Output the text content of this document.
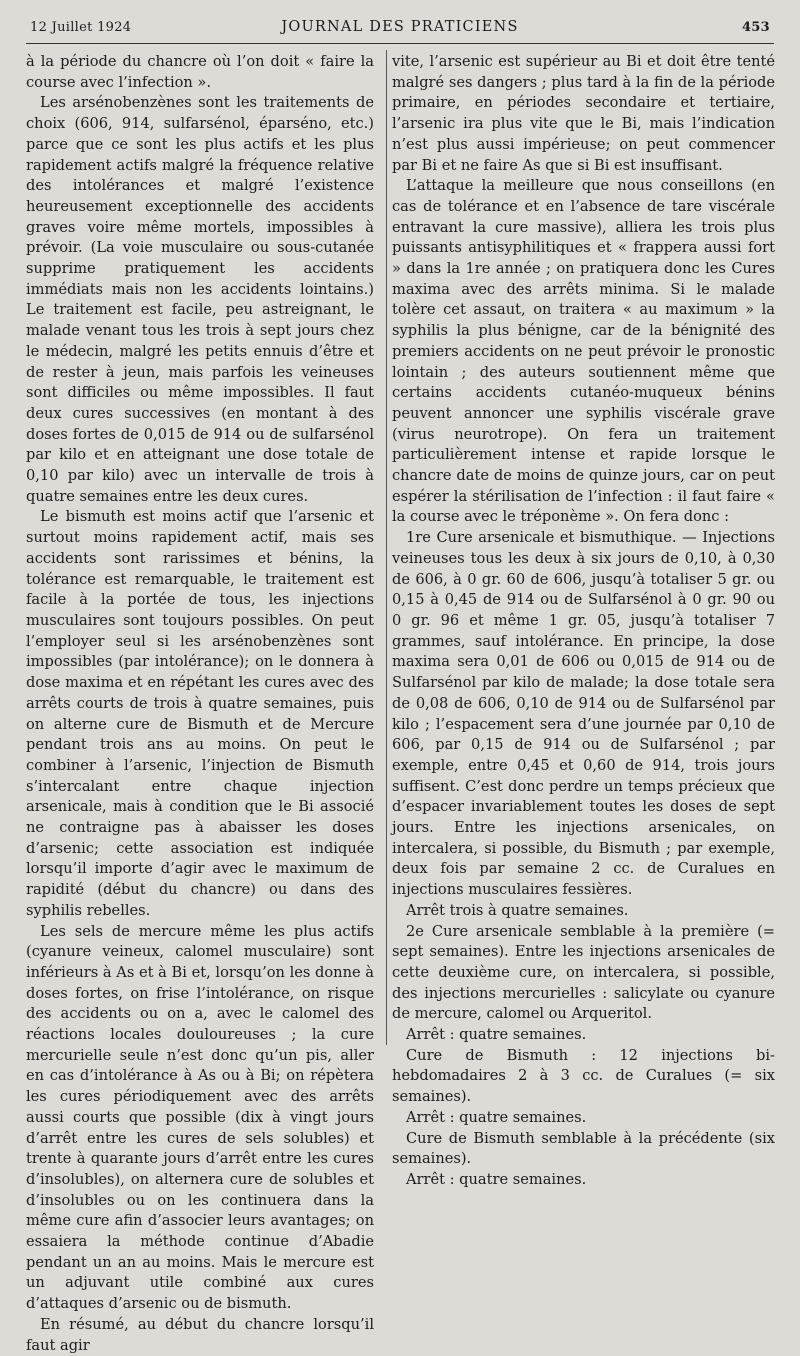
12 Juillet 1924	JOURNAL DES PRATICIENS	453

à la période du chancre où l’on doit « faire la course avec l’infection ».

Les arsénobenzènes sont les traitements de choix (606, 914, sulfarsénol, éparséno, etc.) parce que ce sont les plus actifs et les plus rapidement actifs malgré la fréquence relative des intolérances et malgré l’existence heureusement exceptionnelle des accidents graves voire même mortels, impossibles à prévoir. (La voie musculaire ou sous-cutanée supprime pratiquement les accidents immédiats mais non les accidents lointains.) Le traitement est facile, peu astreignant, le malade venant tous les trois à sept jours chez le médecin, malgré les petits ennuis d’être et de rester à jeun, mais parfois les veineuses sont difficiles ou même impossibles. Il faut deux cures successives (en montant à des doses fortes de 0,015 de 914 ou de sulfarsénol par kilo et en atteignant une dose totale de 0,10 par kilo) avec un intervalle de trois à quatre semaines entre les deux cures.

Le bismuth est moins actif que l’arsenic et surtout moins rapidement actif, mais ses accidents sont rarissimes et bénins, la tolérance est remarquable, le traitement est facile à la portée de tous, les injections musculaires sont toujours possibles. On peut l’employer seul si les arsénobenzènes sont impossibles (par intolérance); on le donnera à dose maxima et en répétant les cures avec des arrêts courts de trois à quatre semaines, puis on alterne cure de Bismuth et de Mercure pendant trois ans au moins. On peut le combiner à l’arsenic, l’injection de Bismuth s’intercalant entre chaque injection arsenicale, mais à condition que le Bi associé ne contraigne pas à abaisser les doses d’arsenic; cette association est indiquée lorsqu’il importe d’agir avec le maximum de rapidité (début du chancre) ou dans des syphilis rebelles.

Les sels de mercure même les plus actifs (cyanure veineux, calomel musculaire) sont inférieurs à As et à Bi et, lorsqu’on les donne à doses fortes, on frise l’intolérance, on risque des accidents ou on a, avec le calomel des réactions locales douloureuses ; la cure mercurielle seule n’est donc qu’un pis, aller en cas d’intolérance à As ou à Bi; on répètera les cures périodiquement avec des arrêts aussi courts que possible (dix à vingt jours d’arrêt entre les cures de sels solubles) et trente à quarante jours d’arrêt entre les cures d’insolubles), on alternera cure de solubles et d’insolubles ou on les continuera dans la même cure afin d’associer leurs avantages; on essaiera la méthode continue d’Abadie pendant un an au moins. Mais le mercure est un adjuvant utile combiné aux cures d’attaques d’arsenic ou de bismuth.

En résumé, au début du chancre lorsqu’il faut agir

vite, l’arsenic est supérieur au Bi et doit être tenté malgré ses dangers ; plus tard à la fin de la période primaire, en périodes secondaire et tertiaire, l’arsenic ira plus vite que le Bi, mais l’indication n’est plus aussi impérieuse; on peut commencer par Bi et ne faire As que si Bi est insuffisant.

L’attaque la meilleure que nous conseillons (en cas de tolérance et en l’absence de tare viscérale entravant la cure massive), alliera les trois plus puissants antisyphilitiques et « frappera aussi fort » dans la 1re année ; on pratiquera donc les Cures maxima avec des arrêts minima. Si le malade tolère cet assaut, on traitera « au maximum » la syphilis la plus bénigne, car de la bénignité des premiers accidents on ne peut prévoir le pronostic lointain ; des auteurs soutiennent même que certains accidents cutanéo-muqueux bénins peuvent annoncer une syphilis viscérale grave (virus neurotrope). On fera un traitement particulièrement intense et rapide lorsque le chancre date de moins de quinze jours, car on peut espérer la stérilisation de l’infection : il faut faire « la course avec le tréponème ». On fera donc :

1re Cure arsenicale et bismuthique. — Injections veineuses tous les deux à six jours de 0,10, à 0,30 de 606, à 0 gr. 60 de 606, jusqu’à totaliser 5 gr. ou 0,15 à 0,45 de 914 ou de Sulfarsénol à 0 gr. 90 ou 0 gr. 96 et même 1 gr. 05, jusqu’à totaliser 7 grammes, sauf intolérance. En principe, la dose maxima sera 0,01 de 606 ou 0,015 de 914 ou de Sulfarsénol par kilo de malade; la dose totale sera de 0,08 de 606, 0,10 de 914 ou de Sulfarsénol par kilo ; l’espacement sera d’une journée par 0,10 de 606, par 0,15 de 914 ou de Sulfarsénol ; par exemple, entre 0,45 et 0,60 de 914, trois jours suffisent. C’est donc perdre un temps précieux que d’espacer invariablement toutes les doses de sept jours. Entre les injections arsenicales, on intercalera, si possible, du Bismuth ; par exemple, deux fois par semaine 2 cc. de Curalues en injections musculaires fessières.

Arrêt trois à quatre semaines.

2e Cure arsenicale semblable à la première (= sept semaines). Entre les injections arsenicales de cette deuxième cure, on intercalera, si possible, des injections mercurielles : salicylate ou cyanure de mercure, calomel ou Arqueritol.

Arrêt : quatre semaines.

Cure de Bismuth : 12 injections bi-hebdomadaires 2 à 3 cc. de Curalues (= six semaines).

Arrêt : quatre semaines.

Cure de Bismuth semblable à la précédente (six semaines).

Arrêt : quatre semaines.
